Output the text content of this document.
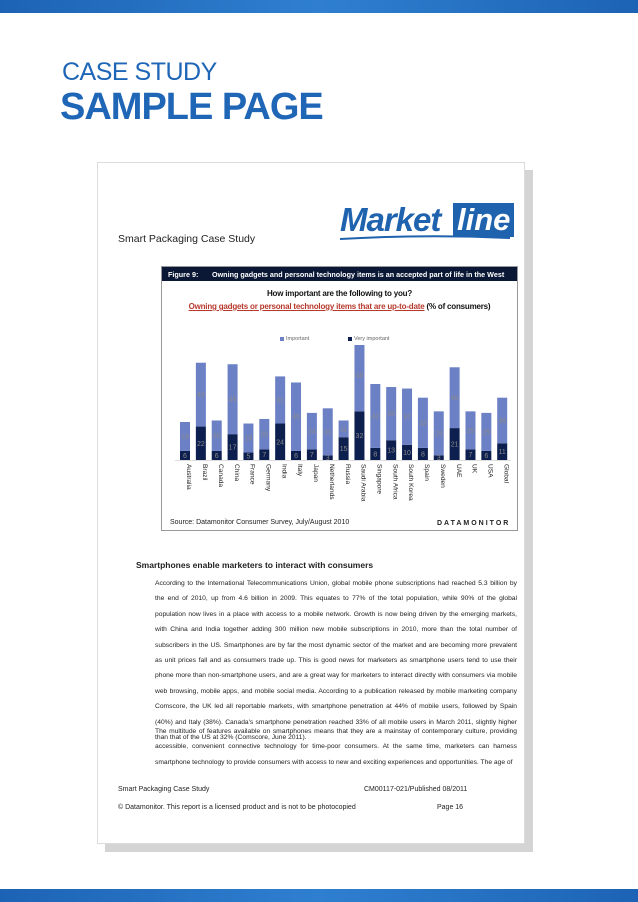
CASE STUDY
SAMPLE PAGE
Market line
Smart Packaging Case Study
Figure 9: Owning gadgets and personal technology items is an accepted part of life in the West
How important are the following to you?
Owning gadgets or personal technology items that are up-to-date (% of consumers)
Important	Very important
6
19
Australia
22
42
Brazil
6
20
Canada
17
46
China
5
19
France
7
20
Germany
24
31
India
6
45
Italy
7
24
Japan
3
31
Netherlands
15
11
Russia
32
48
Saudi Arabia
8
42
Singapore
13
35
South Africa
10
37
South Korea
8
33
Spain
3
29
Sweden
21
40
UAE
7
25
UK
6
25
USA
11
30
Global
Source: Datamonitor Consumer Survey, July/August 2010	DATAMONITOR
Smartphones enable marketers to interact with consumers

According to the International Telecommunications Union, global mobile phone subscriptions had reached 5.3 billion by the end of 2010, up from 4.6 billion in 2009. This equates to 77% of the total population, while 90% of the global population now lives in a place with access to a mobile network. Growth is now being driven by the emerging markets, with China and India together adding 300 million new mobile subscriptions in 2010, more than the total number of subscribers in the US. Smartphones are by far the most dynamic sector of the market and are becoming more prevalent as unit prices fall and as consumers trade up. This is good news for marketers as smartphone users tend to use their phone more than non-smartphone users, and are a great way for marketers to interact directly with consumers via mobile web browsing, mobile apps, and mobile social media. According to a publication released by mobile marketing company Comscore, the UK led all reportable markets, with smartphone penetration at 44% of mobile users, followed by Spain (40%) and Italy (38%). Canada's smartphone penetration reached 33% of all mobile users in March 2011, slightly higher than that of the US at 32% (Comscore, June 2011).

The multitude of features available on smartphones means that they are a mainstay of contemporary culture, providing accessible, convenient connective technology for time-poor consumers. At the same time, marketers can harness smartphone technology to provide consumers with access to new and exciting experiences and opportunities. The age of

Smart Packaging Case Study	CM00117-021/Published 08/2011
© Datamonitor. This report is a licensed product and is not to be photocopied	Page 16
